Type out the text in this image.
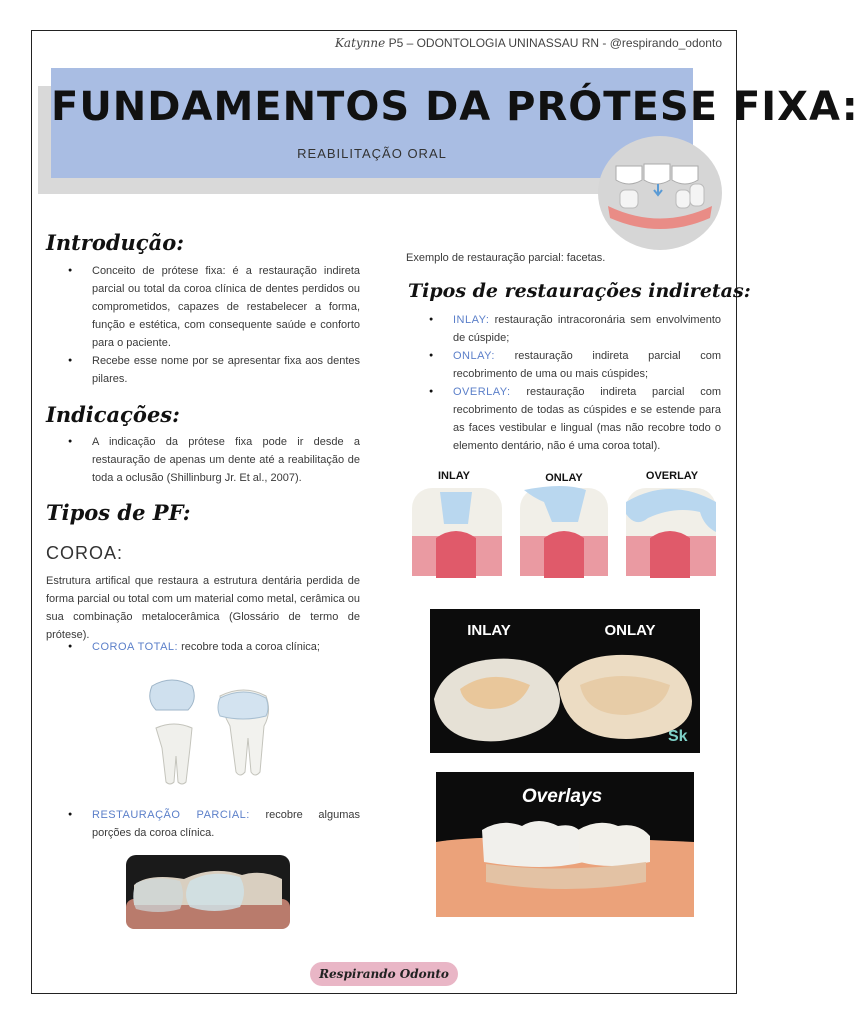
Katynne P5 – ODONTOLOGIA UNINASSAU RN - @respirando_odonto
FUNDAMENTOS DA PRÓTESE FIXA:
REABILITAÇÃO ORAL
Introdução:
● Conceito de prótese fixa: é a restauração indireta parcial ou total da coroa clínica de dentes perdidos ou comprometidos, capazes de restabelecer a forma, função e estética, com consequente saúde e conforto para o paciente.
● Recebe esse nome por se apresentar fixa aos dentes pilares.
Indicações:
● A indicação da prótese fixa pode ir desde a restauração de apenas um dente até a reabilitação de toda a oclusão (Shillinburg Jr. Et al., 2007).
Tipos de PF:
COROA:
Estrutura artifical que restaura a estrutura dentária perdida de forma parcial ou total com um material como metal, cerâmica ou sua combinação metalocerâmica (Glossário de termo de prótese).
● COROA TOTAL: recobre toda a coroa clínica;
● RESTAURAÇÃO PARCIAL: recobre algumas porções da coroa clínica.
Exemplo de restauração parcial: facetas.
Tipos de restaurações indiretas:
● INLAY: restauração intracoronária sem envolvimento de cúspide;
● ONLAY: restauração indireta parcial com recobrimento de uma ou mais cúspides;
● OVERLAY: restauração indireta parcial com recobrimento de todas as cúspides e se estende para as faces vestibular e lingual (mas não recobre todo o elemento dentário, não é uma coroa total).
INLAY	ONLAY	OVERLAY
INLAY	ONLAY
Sk
Overlays
Respirando Odonto
